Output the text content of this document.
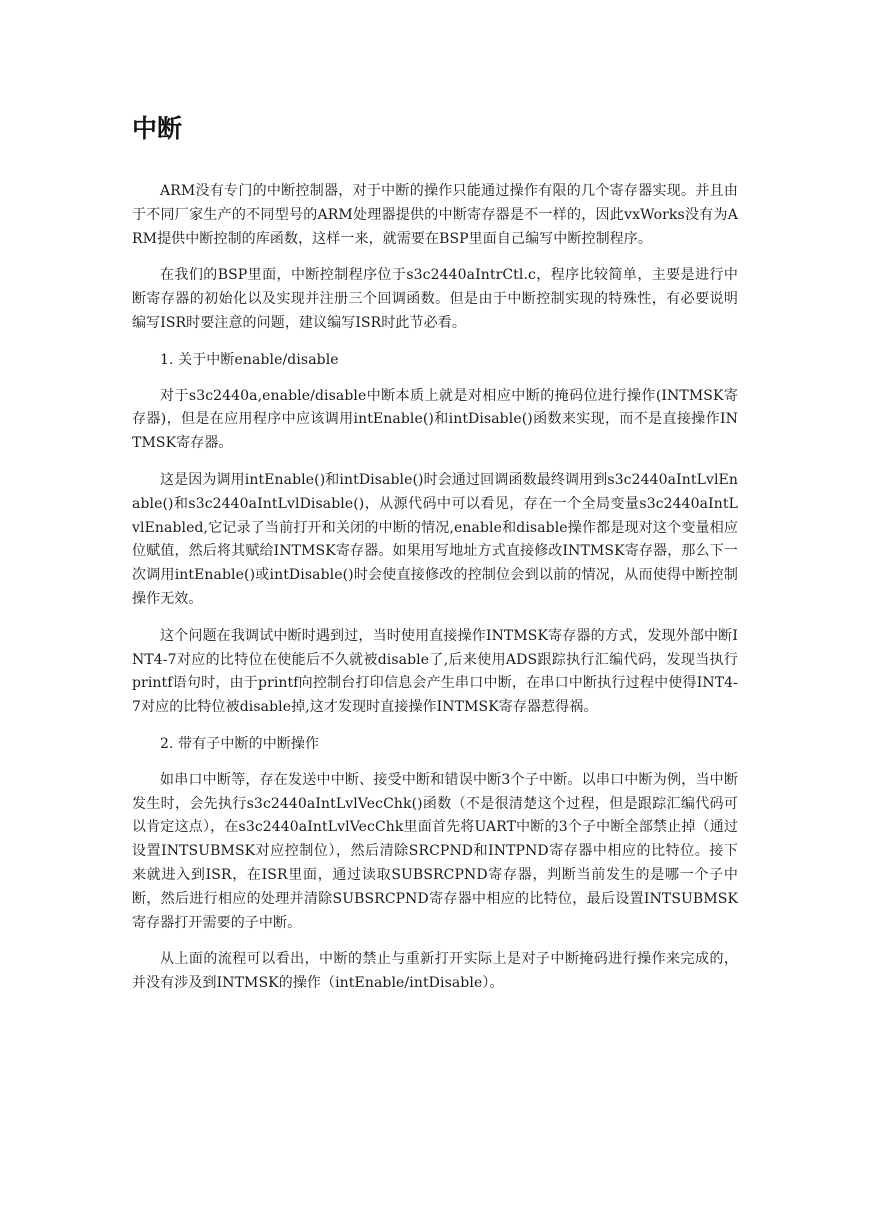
中断

ARM没有专门的中断控制器，对于中断的操作只能通过操作有限的几个寄存器实现。并且由于不同厂家生产的不同型号的ARM处理器提供的中断寄存器是不一样的，因此vxWorks没有为ARM提供中断控制的库函数，这样一来，就需要在BSP里面自己编写中断控制程序。

在我们的BSP里面，中断控制程序位于s3c2440aIntrCtl.c，程序比较简单，主要是进行中断寄存器的初始化以及实现并注册三个回调函数。但是由于中断控制实现的特殊性，有必要说明编写ISR时要注意的问题，建议编写ISR时此节必看。

1. 关于中断enable/disable

对于s3c2440a,enable/disable中断本质上就是对相应中断的掩码位进行操作(INTMSK寄存器)，但是在应用程序中应该调用intEnable()和intDisable()函数来实现，而不是直接操作INTMSK寄存器。

这是因为调用intEnable()和intDisable()时会通过回调函数最终调用到s3c2440aIntLvlEnable()和s3c2440aIntLvlDisable()，从源代码中可以看见，存在一个全局变量s3c2440aIntLvlEnabled,它记录了当前打开和关闭的中断的情况,enable和disable操作都是现对这个变量相应位赋值，然后将其赋给INTMSK寄存器。如果用写地址方式直接修改INTMSK寄存器，那么下一次调用intEnable()或intDisable()时会使直接修改的控制位会到以前的情况，从而使得中断控制操作无效。

这个问题在我调试中断时遇到过，当时使用直接操作INTMSK寄存器的方式，发现外部中断INT4-7对应的比特位在使能后不久就被disable了,后来使用ADS跟踪执行汇编代码，发现当执行printf语句时，由于printf向控制台打印信息会产生串口中断，在串口中断执行过程中使得INT4-7对应的比特位被disable掉,这才发现时直接操作INTMSK寄存器惹得祸。

2. 带有子中断的中断操作

如串口中断等，存在发送中中断、接受中断和错误中断3个子中断。以串口中断为例，当中断发生时，会先执行s3c2440aIntLvlVecChk()函数（不是很清楚这个过程，但是跟踪汇编代码可以肯定这点），在s3c2440aIntLvlVecChk里面首先将UART中断的3个子中断全部禁止掉（通过设置INTSUBMSK对应控制位），然后清除SRCPND和INTPND寄存器中相应的比特位。接下来就进入到ISR，在ISR里面，通过读取SUBSRCPND寄存器，判断当前发生的是哪一个子中断，然后进行相应的处理并清除SUBSRCPND寄存器中相应的比特位，最后设置INTSUBMSK寄存器打开需要的子中断。

从上面的流程可以看出，中断的禁止与重新打开实际上是对子中断掩码进行操作来完成的，并没有涉及到INTMSK的操作（intEnable/intDisable）。
